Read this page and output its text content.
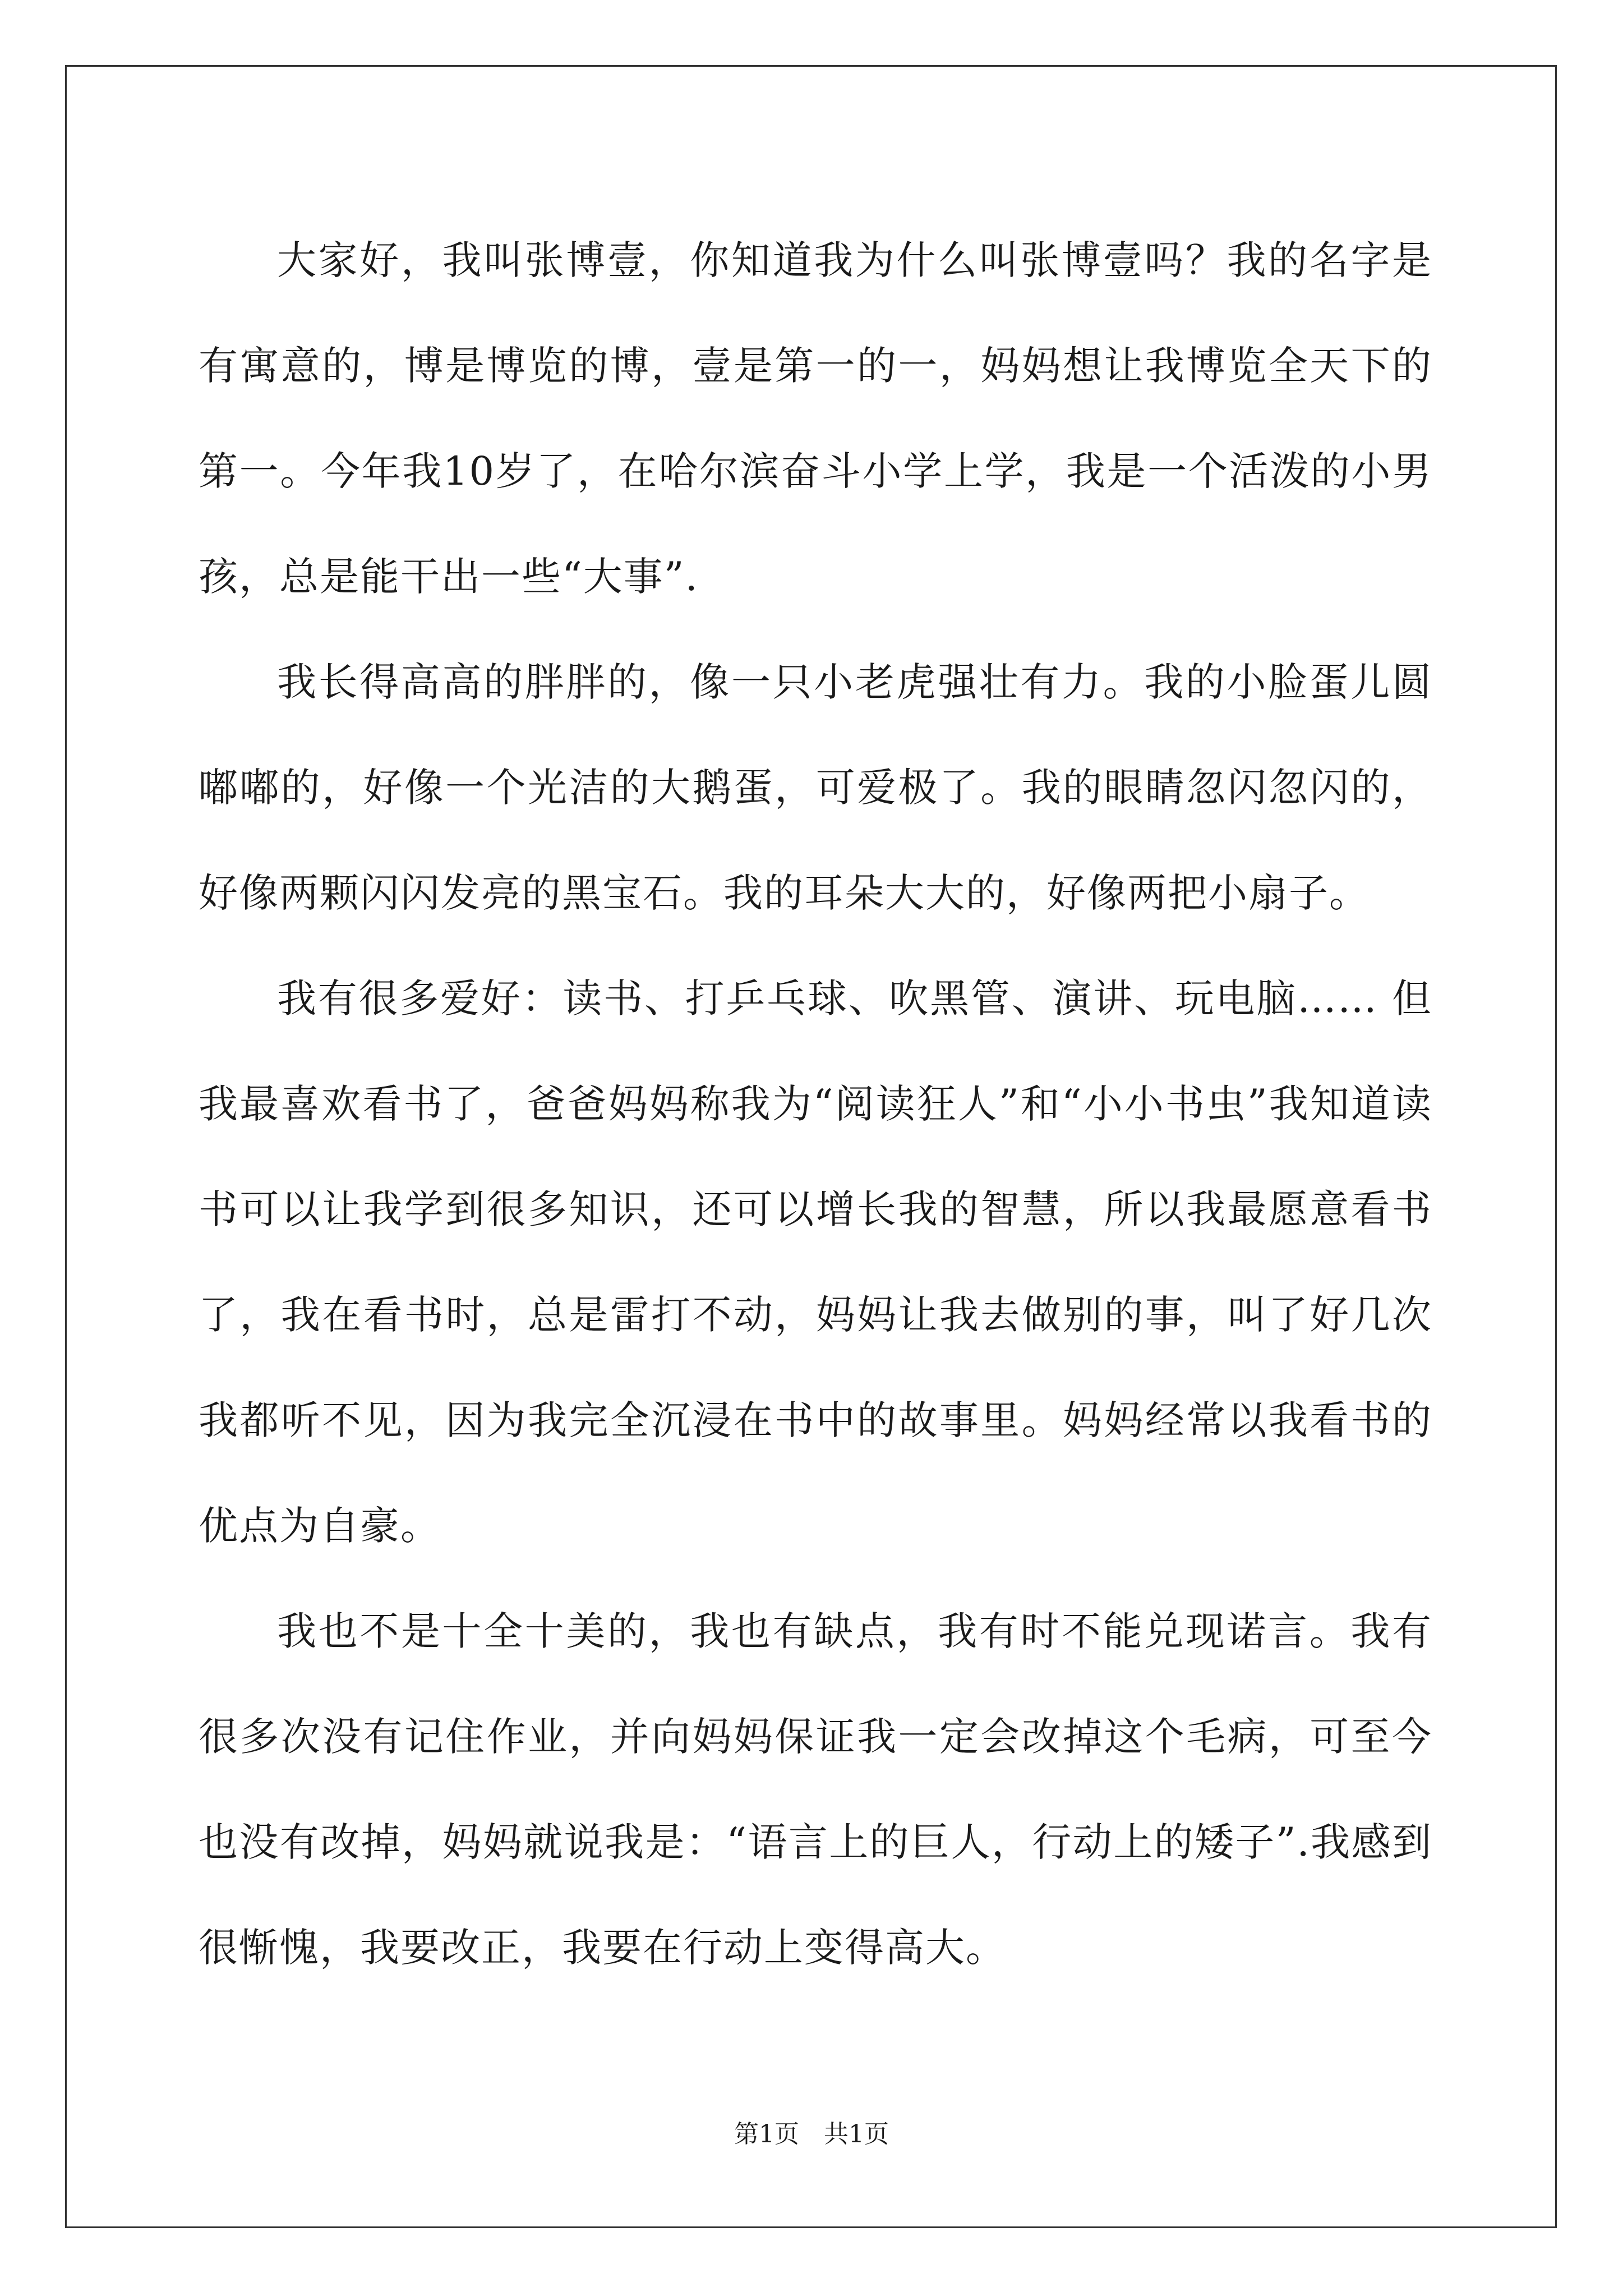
大家好，我叫张博壹，你知道我为什么叫张博壹吗？我的名字是有寓意的，博是博览的博，壹是第一的一，妈妈想让我博览全天下的第一。今年我10岁了，在哈尔滨奋斗小学上学，我是一个活泼的小男孩，总是能干出一些“大事”.

我长得高高的胖胖的，像一只小老虎强壮有力。我的小脸蛋儿圆嘟嘟的，好像一个光洁的大鹅蛋，可爱极了。我的眼睛忽闪忽闪的，好像两颗闪闪发亮的黑宝石。我的耳朵大大的，好像两把小扇子。

我有很多爱好：读书、打乒乓球、吹黑管、演讲、玩电脑…… 但我最喜欢看书了，爸爸妈妈称我为“阅读狂人”和“小小书虫”我知道读书可以让我学到很多知识，还可以增长我的智慧，所以我最愿意看书了，我在看书时，总是雷打不动，妈妈让我去做别的事，叫了好几次我都听不见，因为我完全沉浸在书中的故事里。妈妈经常以我看书的优点为自豪。

我也不是十全十美的，我也有缺点，我有时不能兑现诺言。我有很多次没有记住作业，并向妈妈保证我一定会改掉这个毛病，可至今也没有改掉，妈妈就说我是：“语言上的巨人，行动上的矮子”.我感到很惭愧，我要改正，我要在行动上变得高大。

第1页　共1页
